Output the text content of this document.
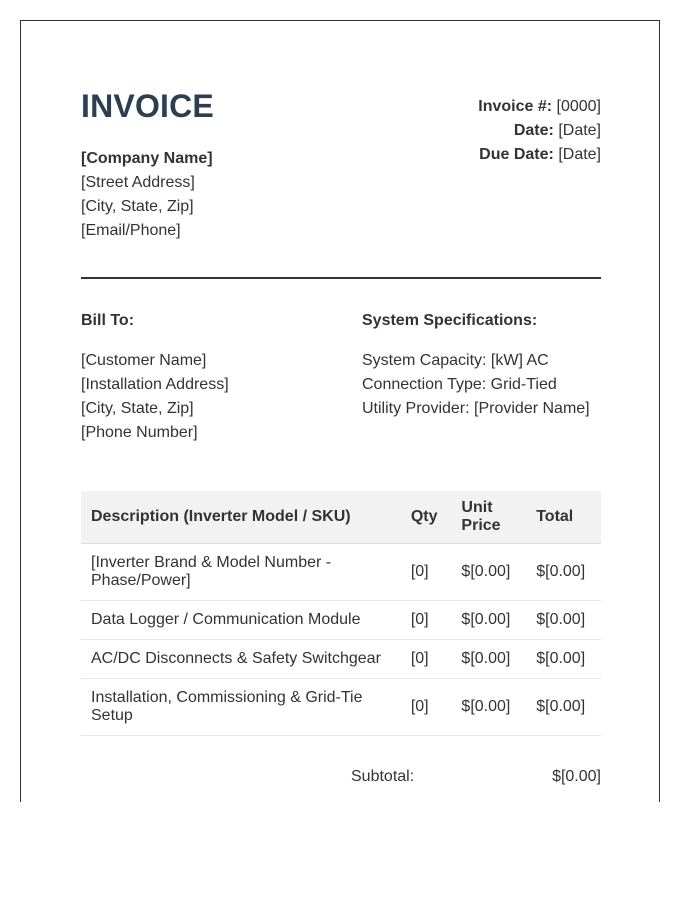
INVOICE
[Company Name]
[Street Address]
[City, State, Zip]
[Email/Phone]
Invoice #: [0000]
Date: [Date]
Due Date: [Date]
Bill To:
[Customer Name]
[Installation Address]
[City, State, Zip]
[Phone Number]
System Specifications:
System Capacity: [kW] AC
Connection Type: Grid-Tied
Utility Provider: [Provider Name]
Description (Inverter Model / SKU)	Qty	Unit Price	Total
[Inverter Brand & Model Number - Phase/Power]	[0]	$[0.00]	$[0.00]
Data Logger / Communication Module	[0]	$[0.00]	$[0.00]
AC/DC Disconnects & Safety Switchgear	[0]	$[0.00]	$[0.00]
Installation, Commissioning & Grid-Tie Setup	[0]	$[0.00]	$[0.00]
Subtotal:	$[0.00]
